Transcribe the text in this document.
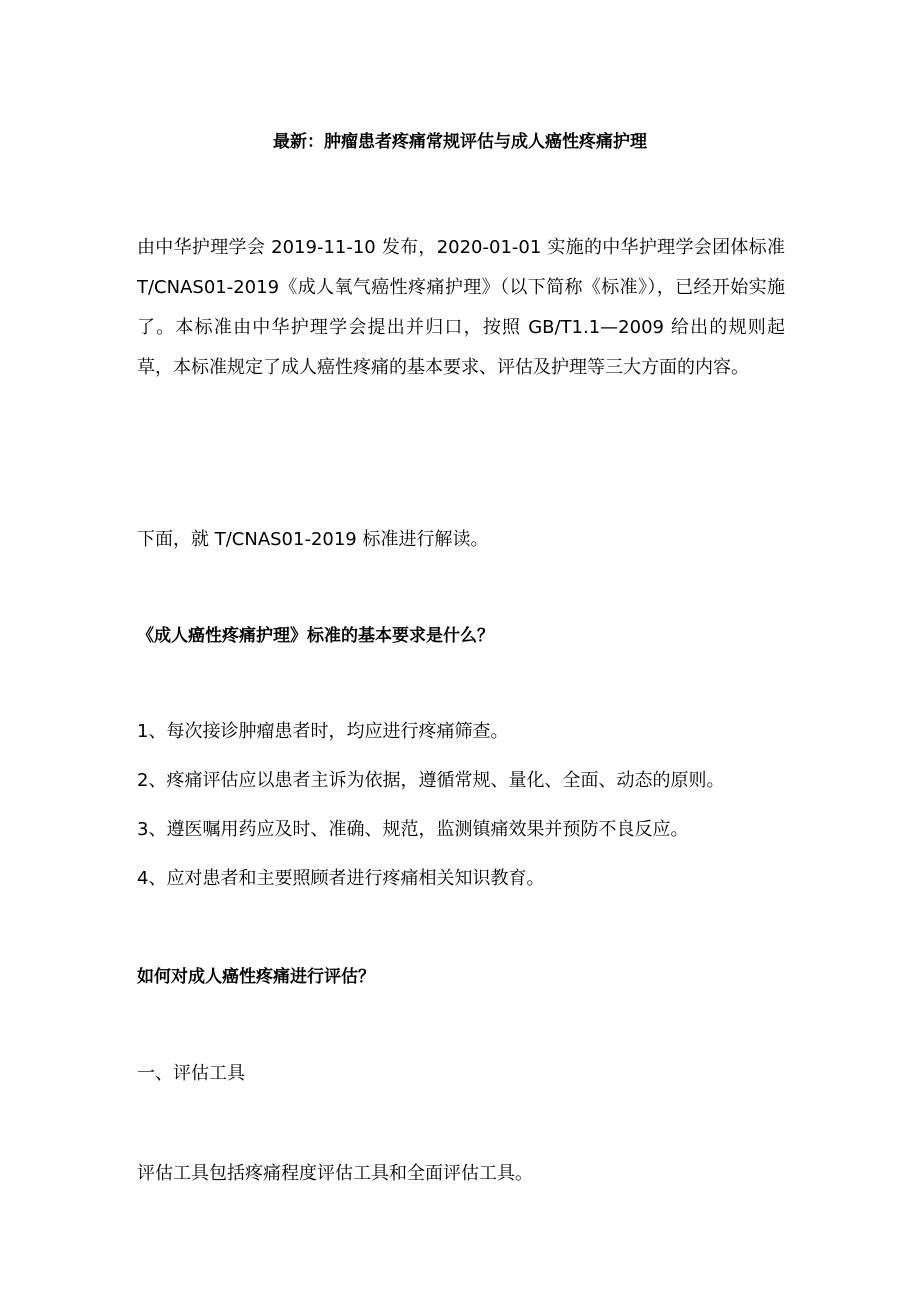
最新：肿瘤患者疼痛常规评估与成人癌性疼痛护理
由中华护理学会 2019-11-10 发布，2020-01-01 实施的中华护理学会团体标准 T/CNAS01-2019《成人氧气癌性疼痛护理》（以下简称《标准》），已经开始实施了。本标准由中华护理学会提出并归口，按照 GB/T1.1—2009 给出的规则起草，本标准规定了成人癌性疼痛的基本要求、评估及护理等三大方面的内容。
下面，就 T/CNAS01-2019 标准进行解读。
《成人癌性疼痛护理》标准的基本要求是什么？
1、每次接诊肿瘤患者时，均应进行疼痛筛查。
2、疼痛评估应以患者主诉为依据，遵循常规、量化、全面、动态的原则。
3、遵医嘱用药应及时、准确、规范，监测镇痛效果并预防不良反应。
4、应对患者和主要照顾者进行疼痛相关知识教育。
如何对成人癌性疼痛进行评估？
一、评估工具
评估工具包括疼痛程度评估工具和全面评估工具。
